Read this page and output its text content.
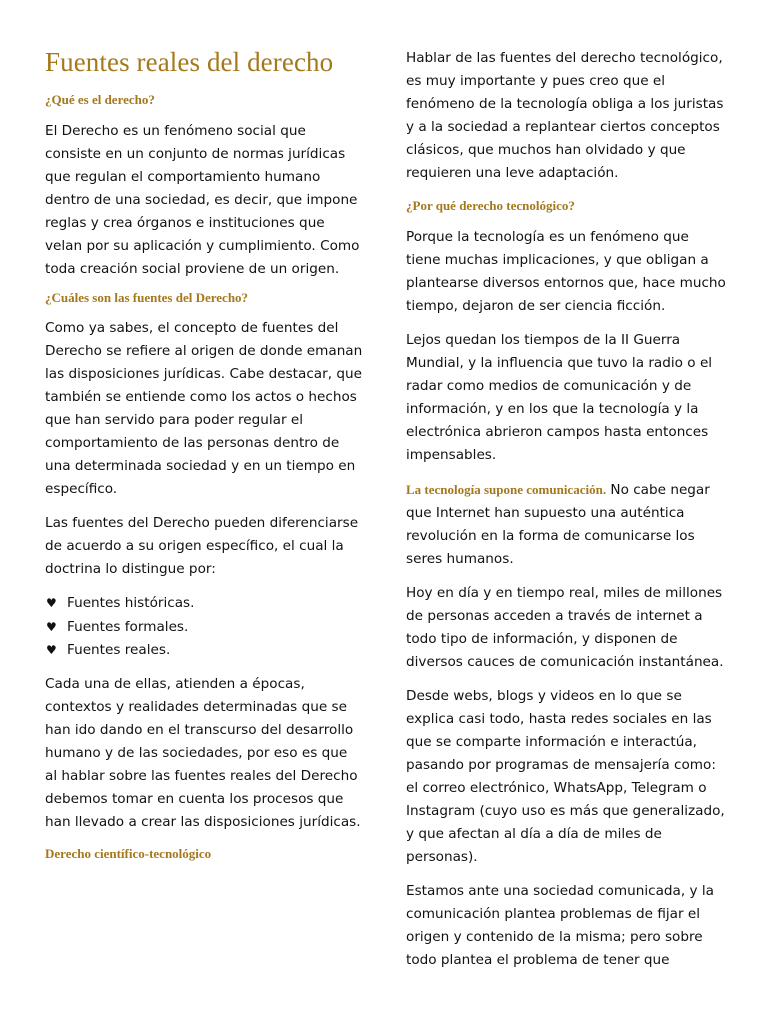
Fuentes reales del derecho
¿Qué es el derecho?

El Derecho es un fenómeno social que consiste en un conjunto de normas jurídicas que regulan el comportamiento humano dentro de una sociedad, es decir, que impone reglas y crea órganos e instituciones que velan por su aplicación y cumplimiento. Como toda creación social proviene de un origen.

¿Cuáles son las fuentes del Derecho?

Como ya sabes, el concepto de fuentes del Derecho se refiere al origen de donde emanan las disposiciones jurídicas. Cabe destacar, que también se entiende como los actos o hechos que han servido para poder regular el comportamiento de las personas dentro de una determinada sociedad y en un tiempo en específico.

Las fuentes del Derecho pueden diferenciarse de acuerdo a su origen específico, el cual la doctrina lo distingue por:

♥ Fuentes históricas.
♥ Fuentes formales.
♥ Fuentes reales.

Cada una de ellas, atienden a épocas, contextos y realidades determinadas que se han ido dando en el transcurso del desarrollo humano y de las sociedades, por eso es que al hablar sobre las fuentes reales del Derecho debemos tomar en cuenta los procesos que han llevado a crear las disposiciones jurídicas.

Derecho científico-tecnológico

Hablar de las fuentes del derecho tecnológico, es muy importante y pues creo que el fenómeno de la tecnología obliga a los juristas y a la sociedad a replantear ciertos conceptos clásicos, que muchos han olvidado y que requieren una leve adaptación.

¿Por qué derecho tecnológico?

Porque la tecnología es un fenómeno que tiene muchas implicaciones, y que obligan a plantearse diversos entornos que, hace mucho tiempo, dejaron de ser ciencia ficción.

Lejos quedan los tiempos de la II Guerra Mundial, y la influencia que tuvo la radio o el radar como medios de comunicación y de información, y en los que la tecnología y la electrónica abrieron campos hasta entonces impensables.

La tecnología supone comunicación. No cabe negar que Internet han supuesto una auténtica revolución en la forma de comunicarse los seres humanos.

Hoy en día y en tiempo real, miles de millones de personas acceden a través de internet a todo tipo de información, y disponen de diversos cauces de comunicación instantánea.

Desde webs, blogs y videos en lo que se explica casi todo, hasta redes sociales en las que se comparte información e interactúa, pasando por programas de mensajería como: el correo electrónico, WhatsApp, Telegram o Instagram (cuyo uso es más que generalizado, y que afectan al día a día de miles de personas).

Estamos ante una sociedad comunicada, y la comunicación plantea problemas de fijar el origen y contenido de la misma; pero sobre todo plantea el problema de tener que
